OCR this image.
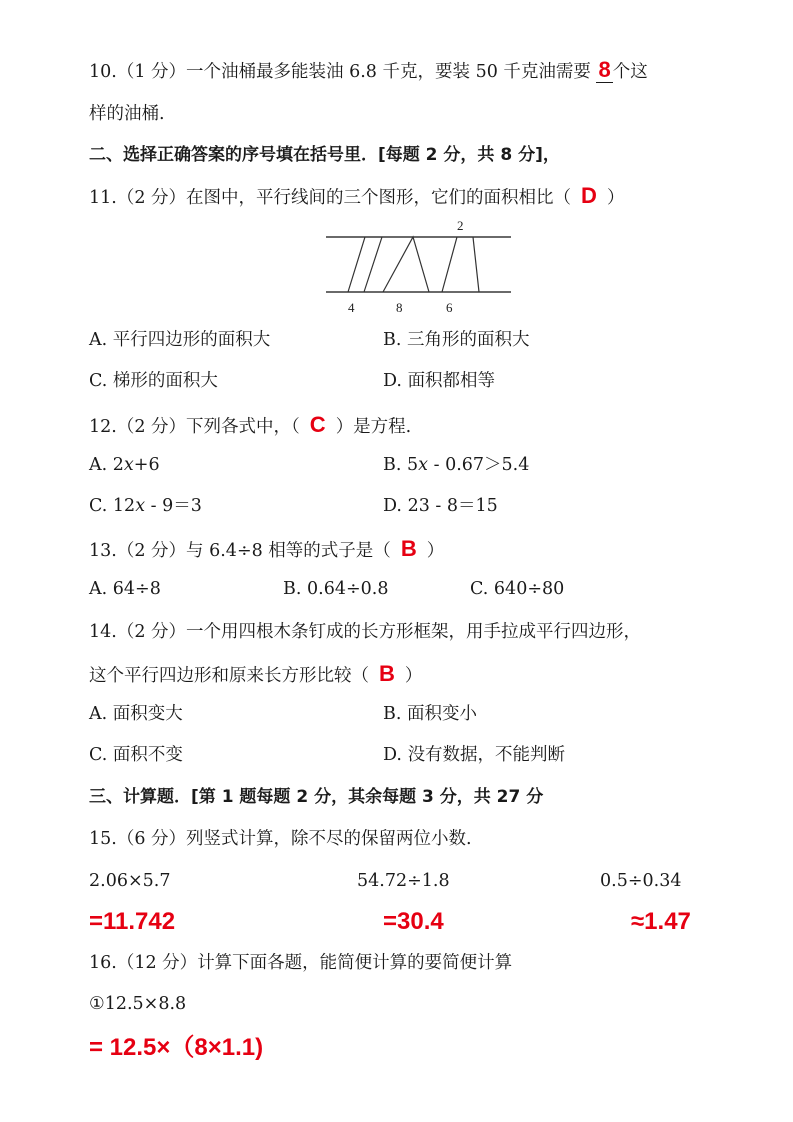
10.（1 分）一个油桶最多能装油 6.8 千克，要装 50 千克油需要 8 个这
样的油桶.
二、选择正确答案的序号填在括号里．[每题 2 分，共 8 分]，
11.（2 分）在图中，平行线间的三个图形，它们的面积相比（ D ）
2
4	8	6
A. 平行四边形的面积大	B. 三角形的面积大
C. 梯形的面积大	D. 面积都相等
12.（2 分）下列各式中，（ C ）是方程.
A. 2x+6	B. 5x - 0.67＞5.4
C. 12x - 9＝3	D. 23 - 8＝15
13.（2 分）与 6.4÷8 相等的式子是（ B ）
A. 64÷8	B. 0.64÷0.8	C. 640÷80
14.（2 分）一个用四根木条钉成的长方形框架，用手拉成平行四边形，
这个平行四边形和原来长方形比较（ B ）
A. 面积变大	B. 面积变小
C. 面积不变	D. 没有数据，不能判断
三、计算题．[第 1 题每题 2 分，其余每题 3 分，共 27 分
15.（6 分）列竖式计算，除不尽的保留两位小数.
2.06×5.7	54.72÷1.8	0.5÷0.34
=11.742	=30.4	≈1.47
16.（12 分）计算下面各题，能简便计算的要简便计算
①12.5×8.8
= 12.5×（8×1.1)
